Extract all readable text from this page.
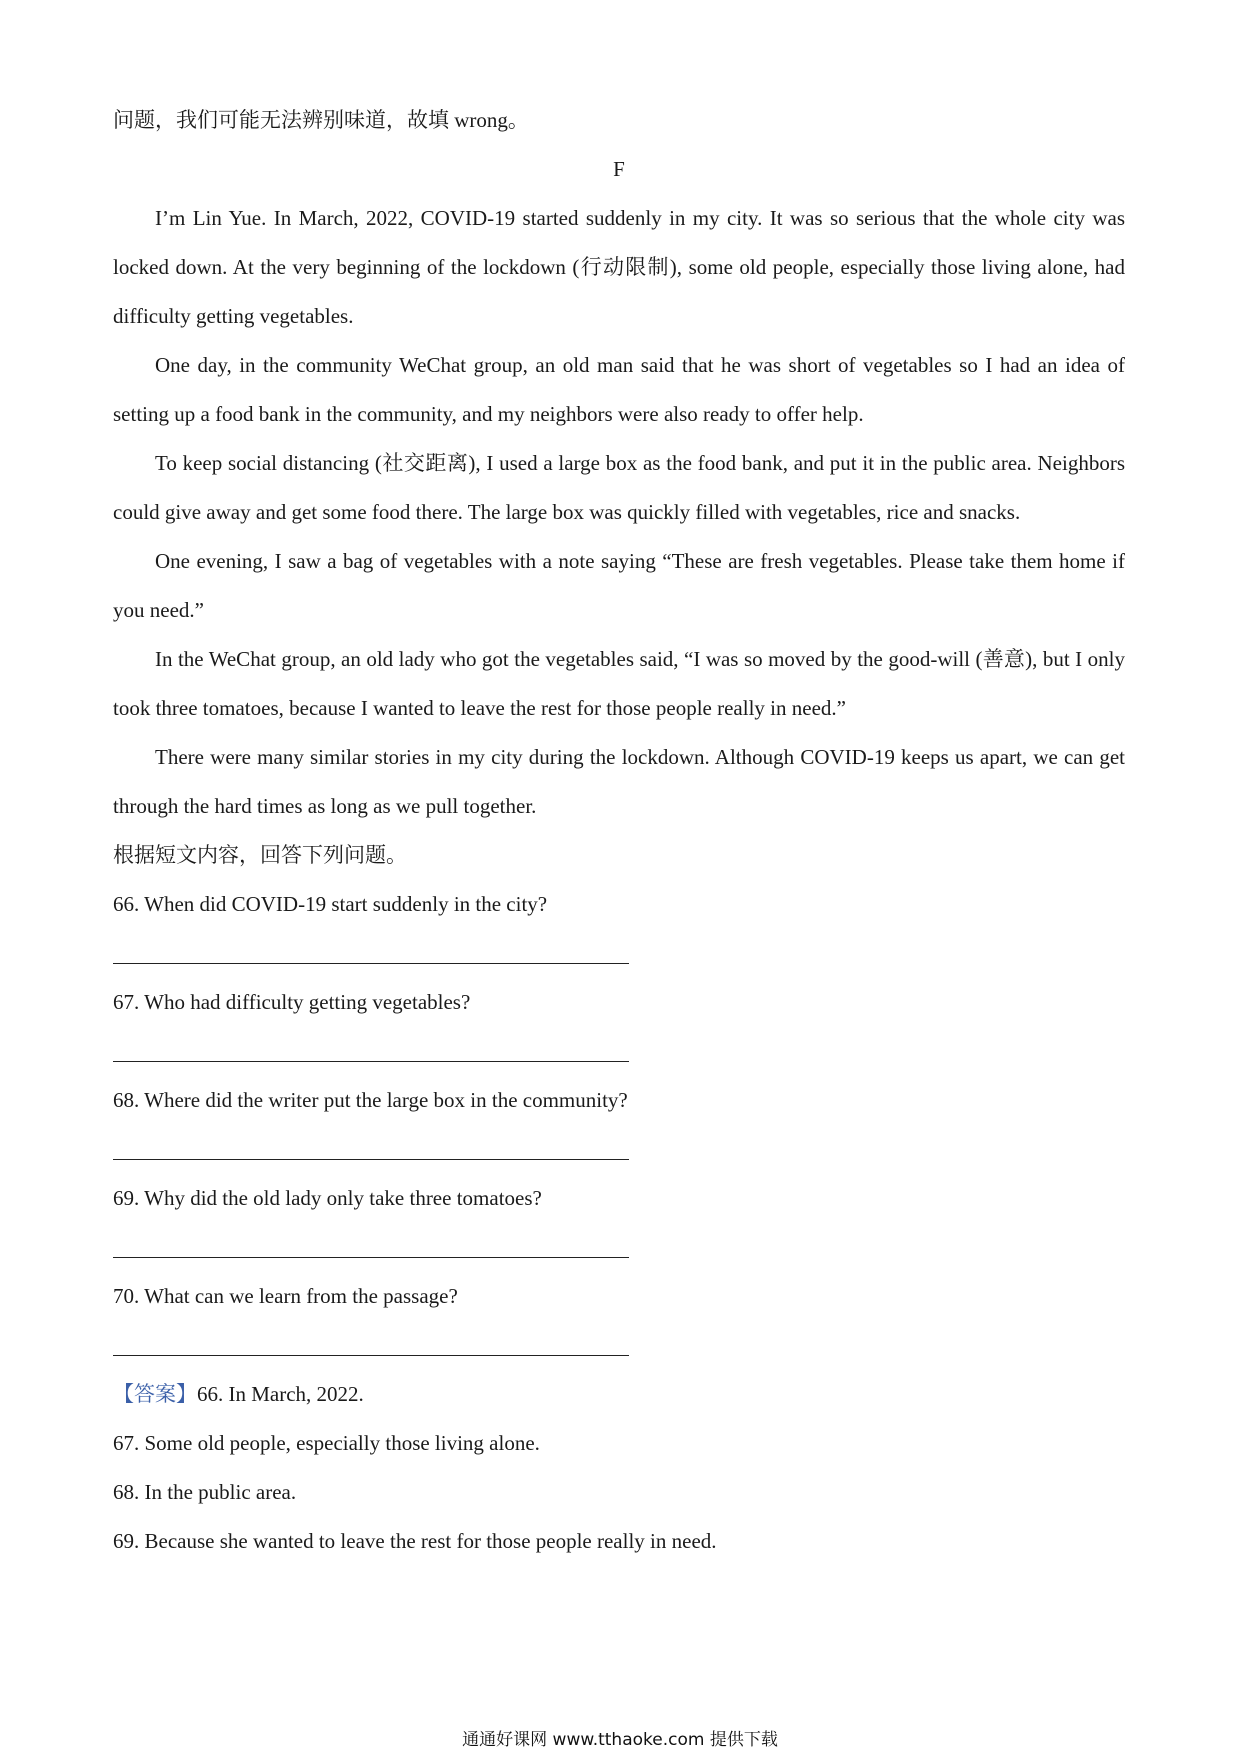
问题，我们可能无法辨别味道，故填 wrong。
F

I’m Lin Yue. In March, 2022, COVID-19 started suddenly in my city. It was so serious that the whole city was locked down. At the very beginning of the lockdown (行动限制), some old people, especially those living alone, had difficulty getting vegetables.

One day, in the community WeChat group, an old man said that he was short of vegetables so I had an idea of setting up a food bank in the community, and my neighbors were also ready to offer help.

To keep social distancing (社交距离), I used a large box as the food bank, and put it in the public area. Neighbors could give away and get some food there. The large box was quickly filled with vegetables, rice and snacks.

One evening, I saw a bag of vegetables with a note saying “These are fresh vegetables. Please take them home if you need.”

In the WeChat group, an old lady who got the vegetables said, “I was so moved by the good-will (善意), but I only took three tomatoes, because I wanted to leave the rest for those people really in need.”

There were many similar stories in my city during the lockdown. Although COVID-19 keeps us apart, we can get through the hard times as long as we pull together.

根据短文内容，回答下列问题。

66. When did COVID-19 start suddenly in the city?

67. Who had difficulty getting vegetables?

68. Where did the writer put the large box in the community?

69. Why did the old lady only take three tomatoes?

70. What can we learn from the passage?

【答案】66. In March, 2022.

67. Some old people, especially those living alone.

68. In the public area.

69. Because she wanted to leave the rest for those people really in need.

通通好课网 www.tthaoke.com 提供下载
